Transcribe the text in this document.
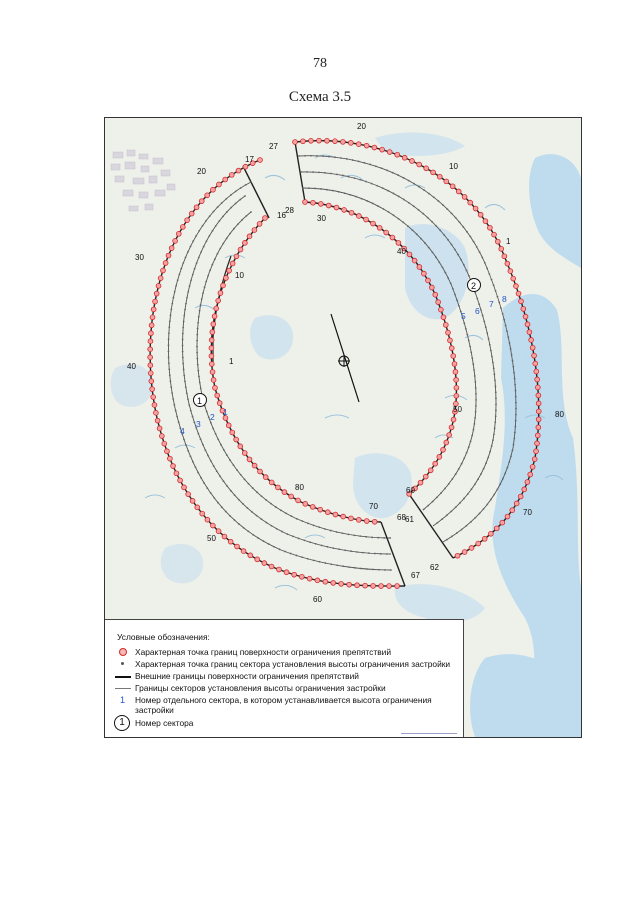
78
Схема 3.5
17
16
20
30
10
40
1
50
60
67
68
70
80
27
20
28
30
10
40
1
50
80
60
61
62
70
1
2
4
3
2 1
5 6
7 8
Условные обозначения:
Характерная точка границ поверхности ограничения препятствий
Характерная точка границ сектора установления высоты ограничения застройки
Внешние границы поверхности ограничения препятствий
Границы секторов установления высоты ограничения застройки
1 Номер отдельного сектора, в котором устанавливается высота ограничения застройки
1	Номер сектора
